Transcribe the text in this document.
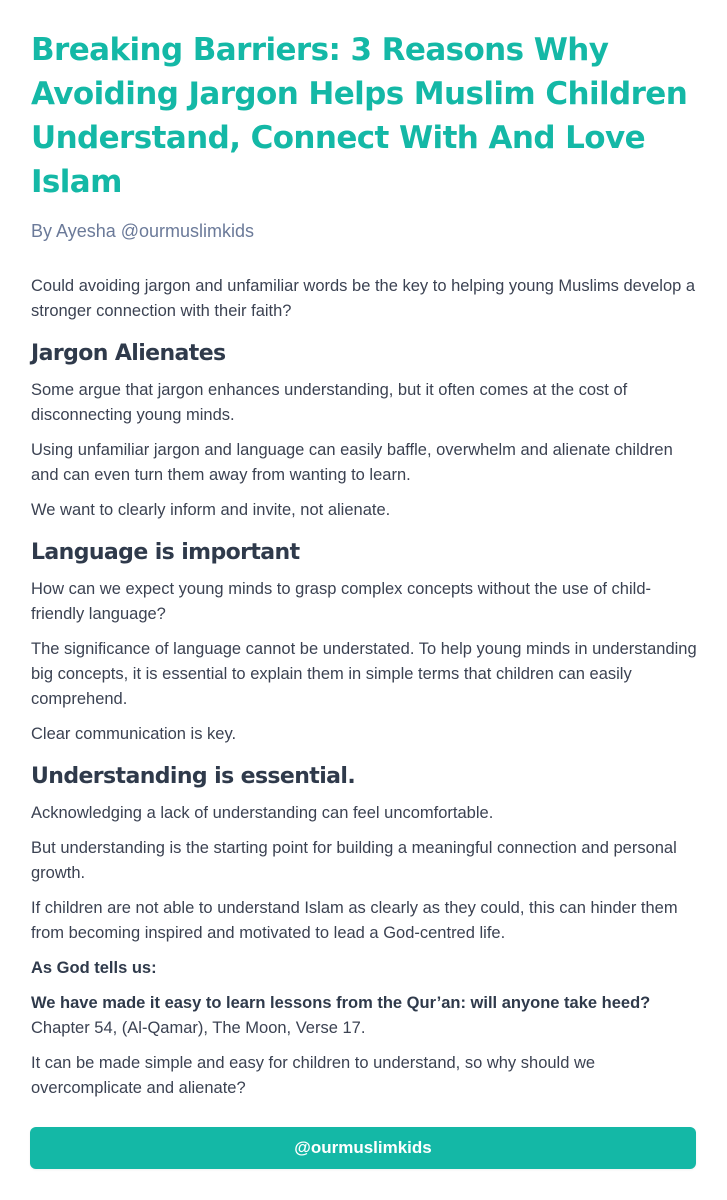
Breaking Barriers: 3 Reasons Why Avoiding Jargon Helps Muslim Children Understand, Connect With And Love Islam

By Ayesha @ourmuslimkids

Could avoiding jargon and unfamiliar words be the key to helping young Muslims develop a stronger connection with their faith?

Jargon Alienates

Some argue that jargon enhances understanding, but it often comes at the cost of disconnecting young minds.

Using unfamiliar jargon and language can easily baffle, overwhelm and alienate children and can even turn them away from wanting to learn.

We want to clearly inform and invite, not alienate.

Language is important

How can we expect young minds to grasp complex concepts without the use of child-friendly language?

The significance of language cannot be understated. To help young minds in understanding big concepts, it is essential to explain them in simple terms that children can easily comprehend.

Clear communication is key.

Understanding is essential.

Acknowledging a lack of understanding can feel uncomfortable.

But understanding is the starting point for building a meaningful connection and personal growth.

If children are not able to understand Islam as clearly as they could, this can hinder them from becoming inspired and motivated to lead a God-centred life.

As God tells us:

We have made it easy to learn lessons from the Qur’an: will anyone take heed?
Chapter 54, (Al-Qamar), The Moon, Verse 17.

It can be made simple and easy for children to understand, so why should we overcomplicate and alienate?

@ourmuslimkids
